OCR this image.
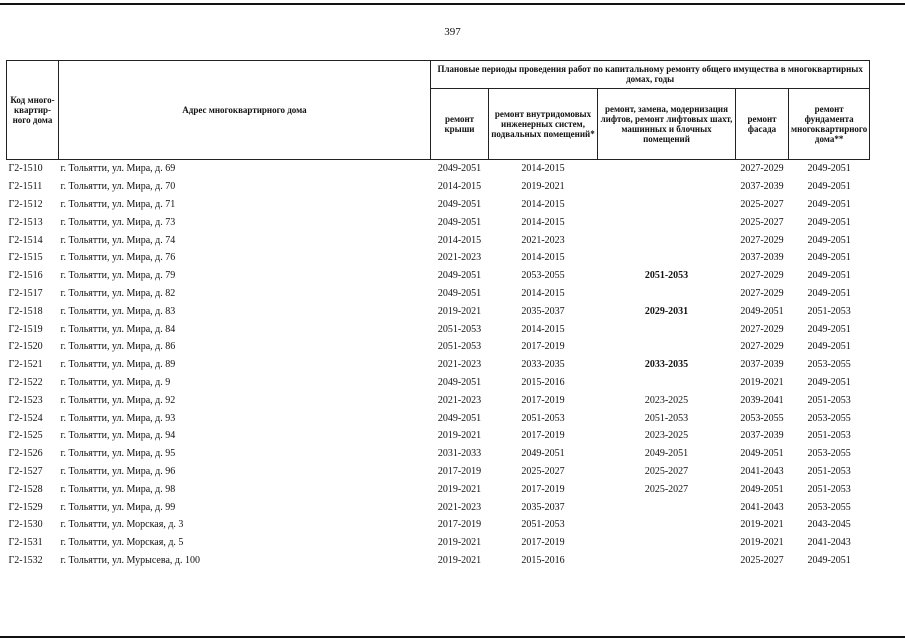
397
Код много-квартир-ного дома	Адрес многоквартирного дома	Плановые периоды проведения работ по капитальному ремонту общего имущества в многоквартирных домах, годы				
		ремонт крыши	ремонт внутридомовых инженерных систем, подвальных помещений*	ремонт, замена, модернизация лифтов, ремонт лифтовых шахт, машинных и блочных помещений	ремонт фасада	ремонт фундамента многоквартирного дома**
Г2-1510	г. Тольятти, ул. Мира, д. 69	2049-2051	2014-2015		2027-2029	2049-2051
Г2-1511	г. Тольятти, ул. Мира, д. 70	2014-2015	2019-2021		2037-2039	2049-2051
Г2-1512	г. Тольятти, ул. Мира, д. 71	2049-2051	2014-2015		2025-2027	2049-2051
Г2-1513	г. Тольятти, ул. Мира, д. 73	2049-2051	2014-2015		2025-2027	2049-2051
Г2-1514	г. Тольятти, ул. Мира, д. 74	2014-2015	2021-2023		2027-2029	2049-2051
Г2-1515	г. Тольятти, ул. Мира, д. 76	2021-2023	2014-2015		2037-2039	2049-2051
Г2-1516	г. Тольятти, ул. Мира, д. 79	2049-2051	2053-2055	2051-2053	2027-2029	2049-2051
Г2-1517	г. Тольятти, ул. Мира, д. 82	2049-2051	2014-2015		2027-2029	2049-2051
Г2-1518	г. Тольятти, ул. Мира, д. 83	2019-2021	2035-2037	2029-2031	2049-2051	2051-2053
Г2-1519	г. Тольятти, ул. Мира, д. 84	2051-2053	2014-2015		2027-2029	2049-2051
Г2-1520	г. Тольятти, ул. Мира, д. 86	2051-2053	2017-2019		2027-2029	2049-2051
Г2-1521	г. Тольятти, ул. Мира, д. 89	2021-2023	2033-2035	2033-2035	2037-2039	2053-2055
Г2-1522	г. Тольятти, ул. Мира, д. 9	2049-2051	2015-2016		2019-2021	2049-2051
Г2-1523	г. Тольятти, ул. Мира, д. 92	2021-2023	2017-2019	2023-2025	2039-2041	2051-2053
Г2-1524	г. Тольятти, ул. Мира, д. 93	2049-2051	2051-2053	2051-2053	2053-2055	2053-2055
Г2-1525	г. Тольятти, ул. Мира, д. 94	2019-2021	2017-2019	2023-2025	2037-2039	2051-2053
Г2-1526	г. Тольятти, ул. Мира, д. 95	2031-2033	2049-2051	2049-2051	2049-2051	2053-2055
Г2-1527	г. Тольятти, ул. Мира, д. 96	2017-2019	2025-2027	2025-2027	2041-2043	2051-2053
Г2-1528	г. Тольятти, ул. Мира, д. 98	2019-2021	2017-2019	2025-2027	2049-2051	2051-2053
Г2-1529	г. Тольятти, ул. Мира, д. 99	2021-2023	2035-2037		2041-2043	2053-2055
Г2-1530	г. Тольятти, ул. Морская, д. 3	2017-2019	2051-2053		2019-2021	2043-2045
Г2-1531	г. Тольятти, ул. Морская, д. 5	2019-2021	2017-2019		2019-2021	2041-2043
Г2-1532	г. Тольятти, ул. Мурысева, д. 100	2019-2021	2015-2016		2025-2027	2049-2051
